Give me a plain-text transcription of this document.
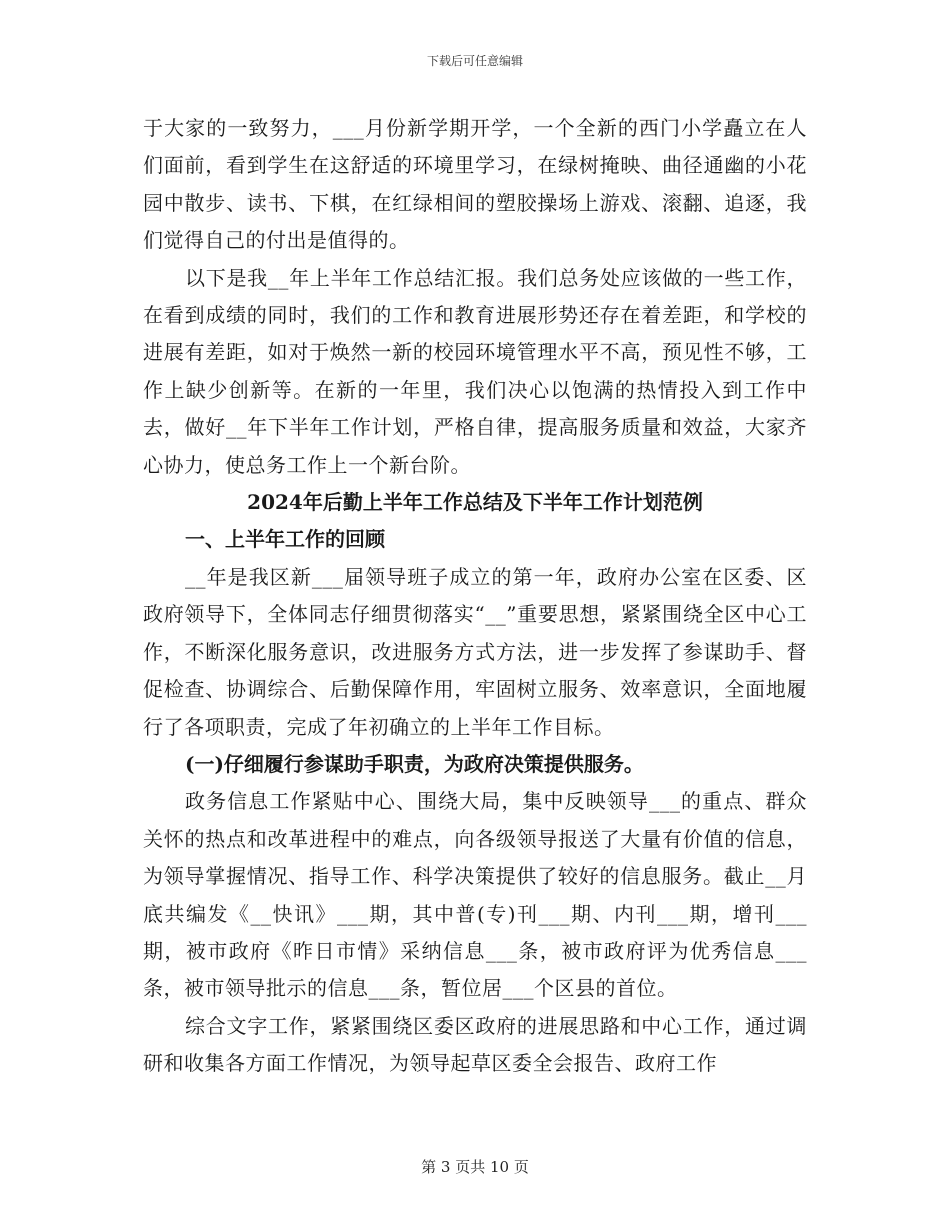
下载后可任意编辑

于大家的一致努力，___月份新学期开学，一个全新的西门小学矗立在人们面前，看到学生在这舒适的环境里学习，在绿树掩映、曲径通幽的小花园中散步、读书、下棋，在红绿相间的塑胶操场上游戏、滚翻、追逐，我们觉得自己的付出是值得的。

以下是我__年上半年工作总结汇报。我们总务处应该做的一些工作，在看到成绩的同时，我们的工作和教育进展形势还存在着差距，和学校的进展有差距，如对于焕然一新的校园环境管理水平不高，预见性不够，工作上缺少创新等。在新的一年里，我们决心以饱满的热情投入到工作中去，做好__年下半年工作计划，严格自律，提高服务质量和效益，大家齐心协力，使总务工作上一个新台阶。

2024年后勤上半年工作总结及下半年工作计划范例

一、上半年工作的回顾

__年是我区新___届领导班子成立的第一年，政府办公室在区委、区政府领导下，全体同志仔细贯彻落实“__”重要思想，紧紧围绕全区中心工作，不断深化服务意识，改进服务方式方法，进一步发挥了参谋助手、督促检查、协调综合、后勤保障作用，牢固树立服务、效率意识，全面地履行了各项职责，完成了年初确立的上半年工作目标。

(一)仔细履行参谋助手职责，为政府决策提供服务。

政务信息工作紧贴中心、围绕大局，集中反映领导___的重点、群众关怀的热点和改革进程中的难点，向各级领导报送了大量有价值的信息，为领导掌握情况、指导工作、科学决策提供了较好的信息服务。截止__月底共编发《__快讯》___期，其中普(专)刊___期、内刊___期，增刊___期，被市政府《昨日市情》采纳信息___条，被市政府评为优秀信息___条，被市领导批示的信息___条，暂位居___个区县的首位。

综合文字工作，紧紧围绕区委区政府的进展思路和中心工作，通过调研和收集各方面工作情况，为领导起草区委全会报告、政府工作

第 3 页共 10 页
